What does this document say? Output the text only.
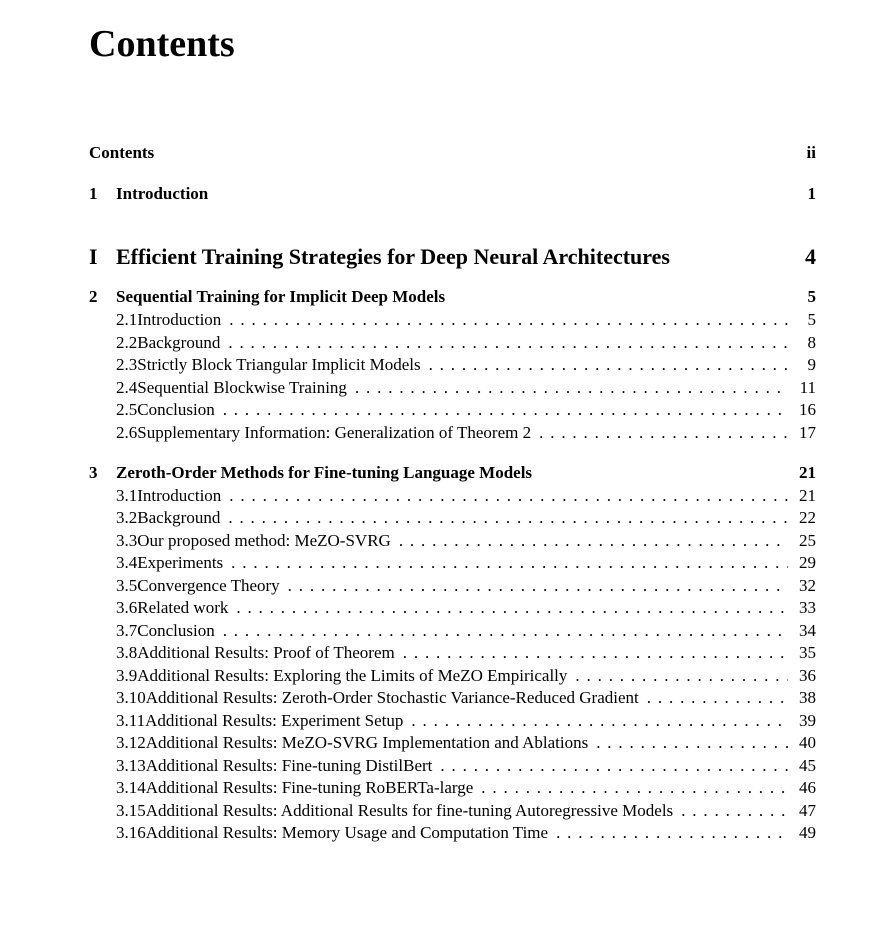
Contents
Contents	ii
1	Introduction	1
I Efficient Training Strategies for Deep Neural Architectures	4
2	Sequential Training for Implicit Deep Models	5
2.1 Introduction . . .	5
2.2 Background . . .	8
2.3 Strictly Block Triangular Implicit Models . . .	9
2.4 Sequential Blockwise Training . . .	11
2.5 Conclusion . . .	16
2.6 Supplementary Information: Generalization of Theorem 2 . . .	17
3	Zeroth-Order Methods for Fine-tuning Language Models	21
3.1 Introduction . . .	21
3.2 Background . . .	22
3.3 Our proposed method: MeZO-SVRG . . .	25
3.4 Experiments . . .	29
3.5 Convergence Theory . . .	32
3.6 Related work . . .	33
3.7 Conclusion . . .	34
3.8 Additional Results: Proof of Theorem . . .	35
3.9 Additional Results: Exploring the Limits of MeZO Empirically . . .	36
3.10 Additional Results: Zeroth-Order Stochastic Variance-Reduced Gradient . . .	38
3.11 Additional Results: Experiment Setup . . .	39
3.12 Additional Results: MeZO-SVRG Implementation and Ablations . . .	40
3.13 Additional Results: Fine-tuning DistilBert . . .	45
3.14 Additional Results: Fine-tuning RoBERTa-large . . .	46
3.15 Additional Results: Additional Results for fine-tuning Autoregressive Models . . .	47
3.16 Additional Results: Memory Usage and Computation Time . . .	49
